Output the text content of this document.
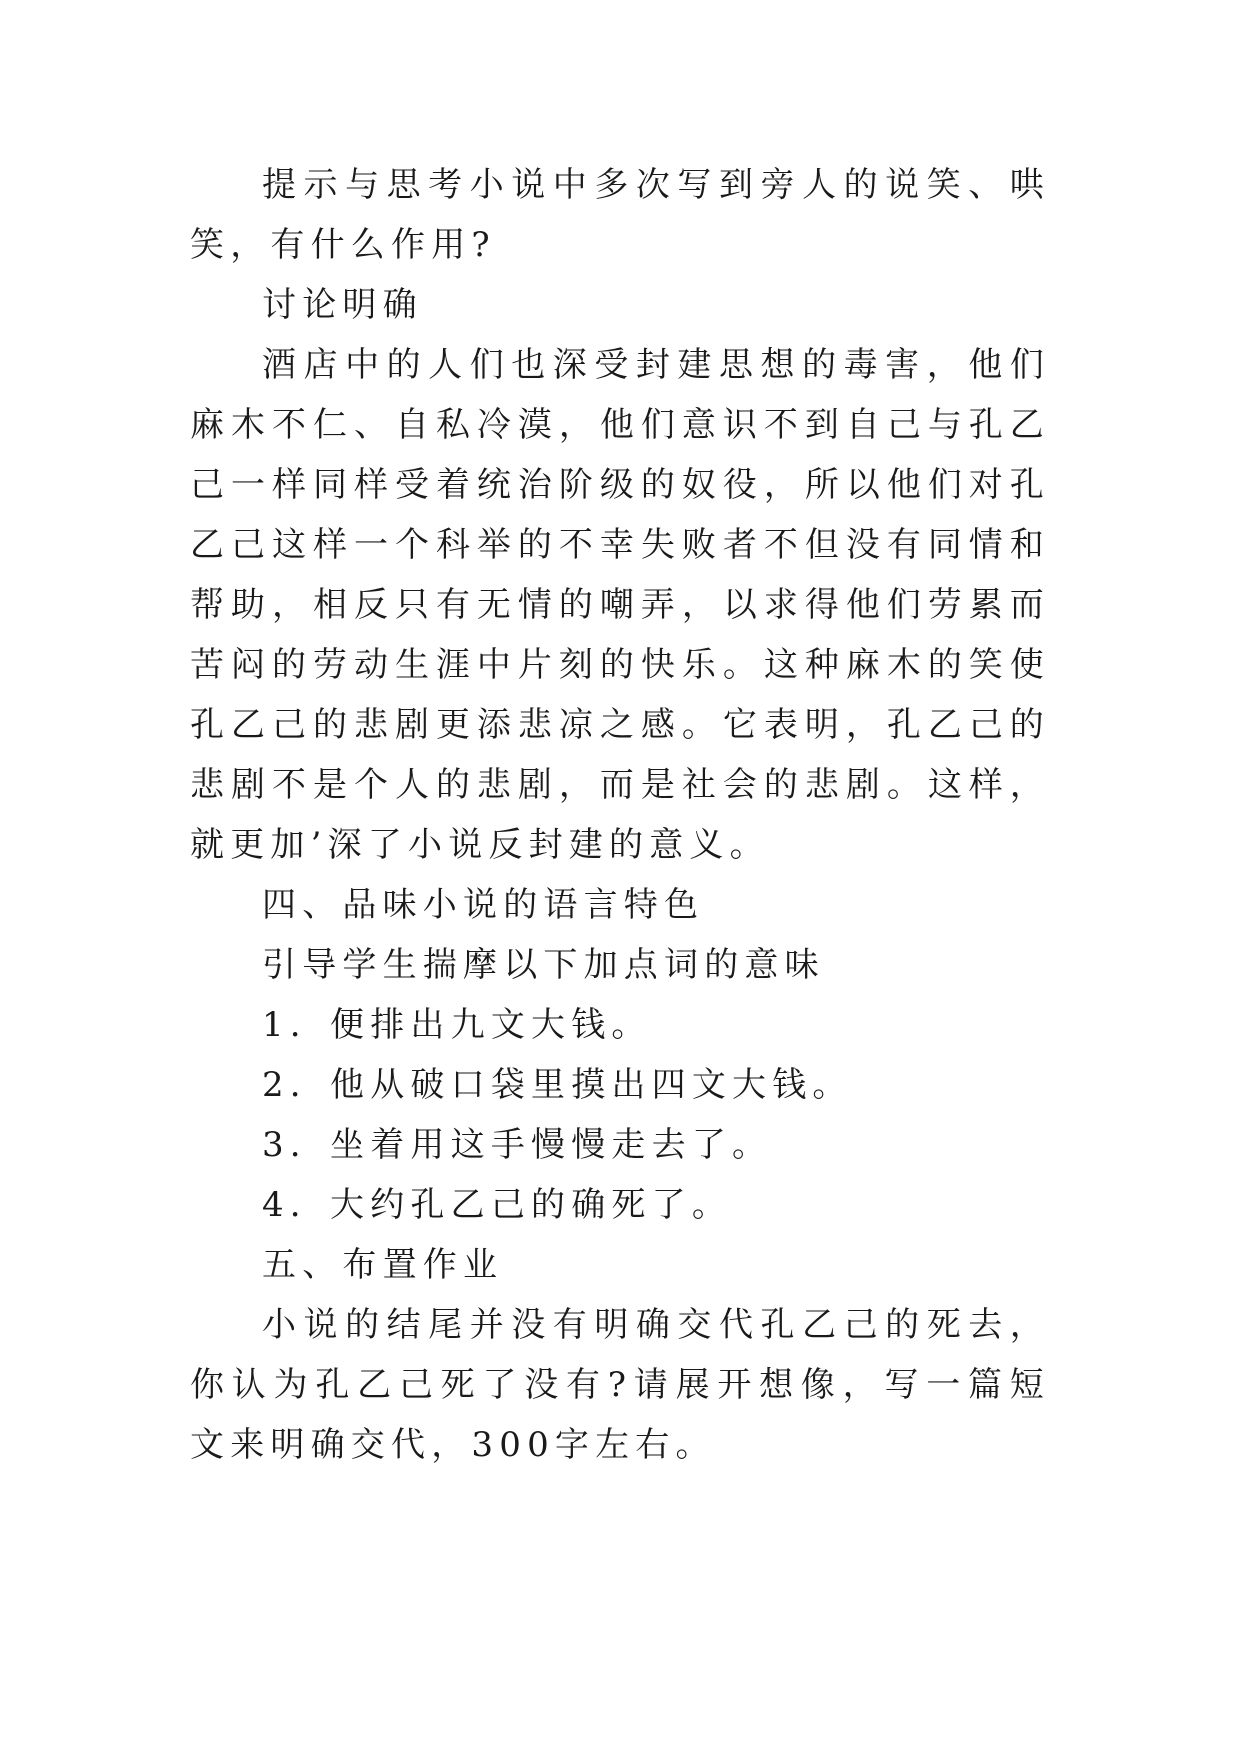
提示与思考小说中多次写到旁人的说笑、哄笑，有什么作用?

讨论明确

酒店中的人们也深受封建思想的毒害，他们麻木不仁、自私冷漠，他们意识不到自己与孔乙己一样同样受着统治阶级的奴役，所以他们对孔乙己这样一个科举的不幸失败者不但没有同情和帮助，相反只有无情的嘲弄，以求得他们劳累而苦闷的劳动生涯中片刻的快乐。这种麻木的笑使孔乙己的悲剧更添悲凉之感。它表明，孔乙己的悲剧不是个人的悲剧，而是社会的悲剧。这样，就更加’深了小说反封建的意义。

四、品味小说的语言特色

引导学生揣摩以下加点词的意味

1．便排出九文大钱。

2．他从破口袋里摸出四文大钱。

3．坐着用这手慢慢走去了。

4．大约孔乙己的确死了。

五、布置作业

小说的结尾并没有明确交代孔乙己的死去，你认为孔乙己死了没有?请展开想像，写一篇短文来明确交代，300字左右。
